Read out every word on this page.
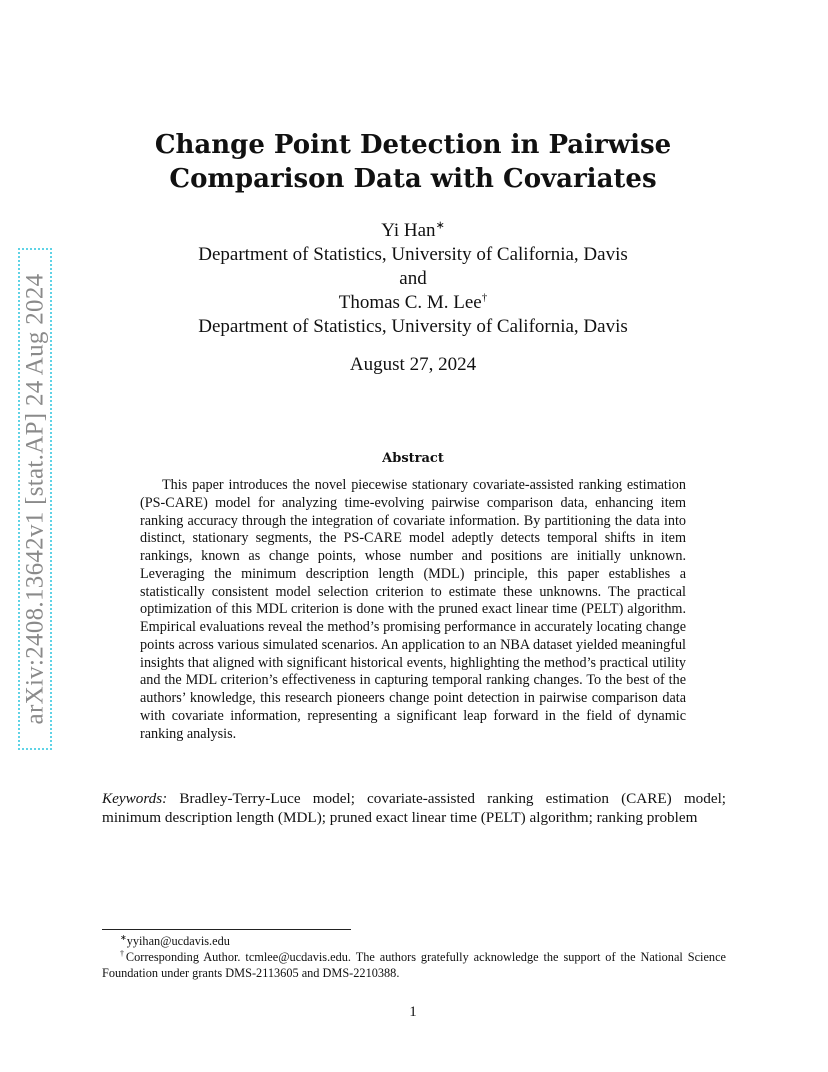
arXiv:2408.13642v1 [stat.AP] 24 Aug 2024
Change Point Detection in Pairwise
Comparison Data with Covariates
Yi Han∗
Department of Statistics, University of California, Davis
and
Thomas C. M. Lee†
Department of Statistics, University of California, Davis
August 27, 2024
Abstract

This paper introduces the novel piecewise stationary covariate-assisted ranking estimation (PS-CARE) model for analyzing time-evolving pairwise comparison data, enhancing item ranking accuracy through the integration of covariate information. By partitioning the data into distinct, stationary segments, the PS-CARE model adeptly detects temporal shifts in item rankings, known as change points, whose number and positions are initially unknown. Leveraging the minimum description length (MDL) principle, this paper establishes a statistically consistent model selection criterion to estimate these unknowns. The practical optimization of this MDL criterion is done with the pruned exact linear time (PELT) algorithm. Empirical evaluations reveal the method’s promising performance in accurately locating change points across various simulated scenarios. An application to an NBA dataset yielded meaningful insights that aligned with significant historical events, highlighting the method’s practical utility and the MDL criterion’s effectiveness in capturing temporal ranking changes. To the best of the authors’ knowledge, this research pioneers change point detection in pairwise comparison data with covariate information, representing a significant leap forward in the field of dynamic ranking analysis.

Keywords: Bradley-Terry-Luce model; covariate-assisted ranking estimation (CARE) model; minimum description length (MDL); pruned exact linear time (PELT) algorithm; ranking problem

∗yyihan@ucdavis.edu

†Corresponding Author. tcmlee@ucdavis.edu. The authors gratefully acknowledge the support of the National Science Foundation under grants DMS-2113605 and DMS-2210388.

1
